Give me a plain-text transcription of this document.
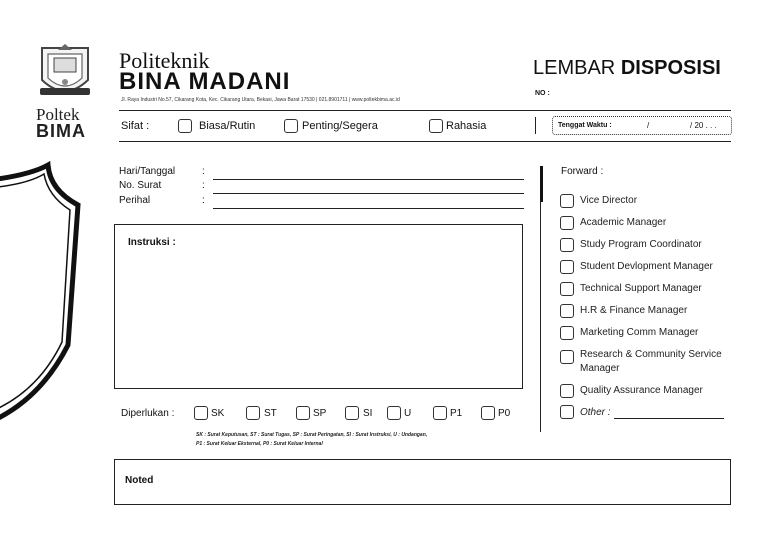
Poltek
BIMA
Politeknik
BINA MADANI
Jl. Raya Industri No.57, Cikarang Kota, Kec. Cikarang Utara, Bekasi, Jawa Barat 17530 | 021.8901711 | www.poltekbima.ac.id
LEMBAR DISPOSISI
NO :
Sifat :	Biasa/Rutin	Penting/Segera	Rahasia	Tenggat Waktu :	/	/ 20 . . .
Hari/Tanggal	:
No. Surat	:
Perihal	:
Instruksi :
Diperlukan :	SK	ST	SP	SI	U	P1	P0
SK : Surat Keputusan, ST : Surat Tugas, SP : Surat Peringatan, SI : Surat Instruksi, U : Undangan,
P1 : Surat Keluar Eksternal, P0 : Surat Keluar Internal
Forward :
Vice Director
Academic Manager
Study Program Coordinator
Student Devlopment Manager
Technical Support Manager
H.R & Finance Manager
Marketing Comm Manager
Research & Community Service
Manager
Quality Assurance Manager
Other :
Noted
